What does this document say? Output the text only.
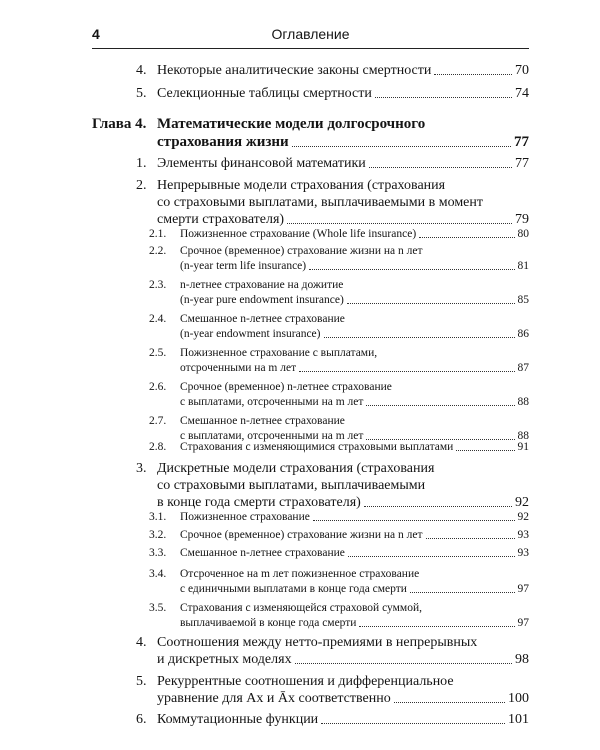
4	Оглавление
4. Некоторые аналитические законы смертности	70
5. Селекционные таблицы смертности	74
Глава 4. Математические модели долгосрочного
страхования жизни	77
1. Элементы финансовой математики	77
2. Непрерывные модели страхования (страхования
со страховыми выплатами, выплачиваемыми в момент
смерти страхователя)	79
2.1. Пожизненное страхование (Whole life insurance)	80
2.2. Срочное (временное) страхование жизни на n лет
(n-year term life insurance)	81
2.3. n-летнее страхование на дожитие
(n-year pure endowment insurance)	85
2.4. Смешанное n-летнее страхование
(n-year endowment insurance)	86
2.5. Пожизненное страхование с выплатами,
отсроченными на m лет	87
2.6. Срочное (временное) n-летнее страхование
с выплатами, отсроченными на m лет	88
2.7. Смешанное n-летнее страхование
с выплатами, отсроченными на m лет	88
2.8. Страхования с изменяющимися страховыми выплатами	91
3. Дискретные модели страхования (страхования
со страховыми выплатами, выплачиваемыми
в конце года смерти страхователя)	92
3.1. Пожизненное страхование	92
3.2. Срочное (временное) страхование жизни на n лет	93
3.3. Смешанное n-летнее страхование	93
3.4. Отсроченное на m лет пожизненное страхование
с единичными выплатами в конце года смерти	97
3.5. Страхования с изменяющейся страховой суммой,
выплачиваемой в конце года смерти	97
4. Соотношения между нетто-премиями в непрерывных
и дискретных моделях	98
5. Рекуррентные соотношения и дифференциальное
уравнение для Ax и Āx соответственно	100
6. Коммутационные функции	101
